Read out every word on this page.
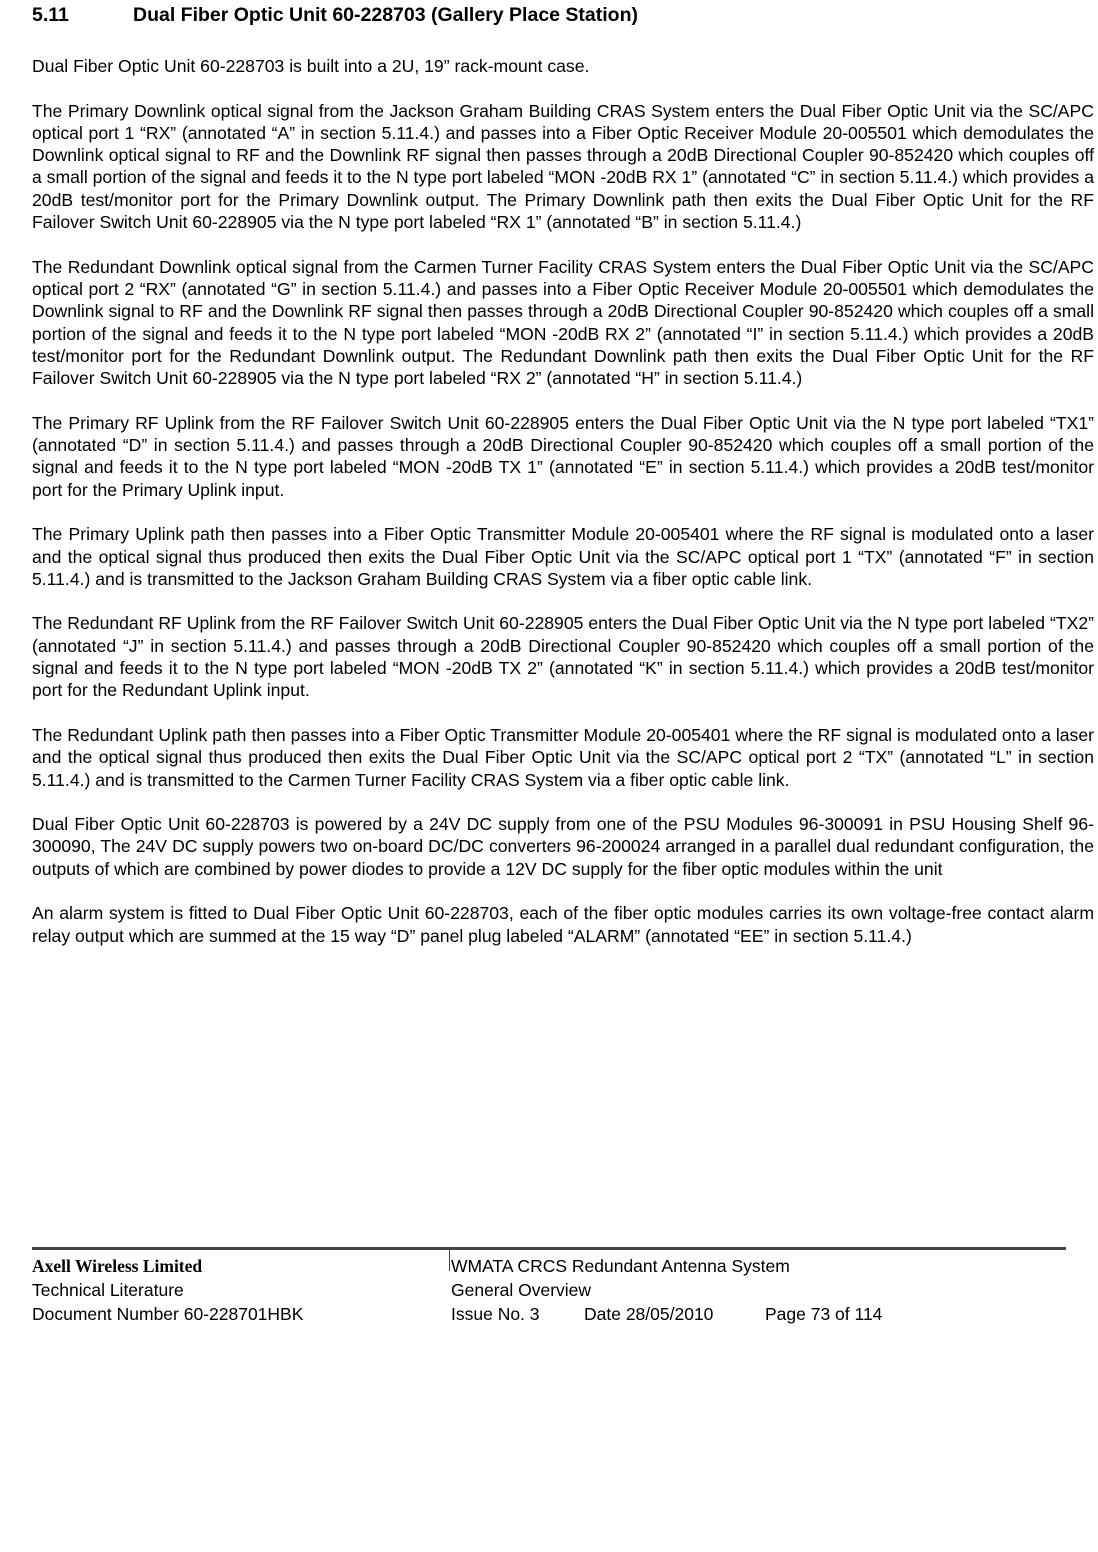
5.11	Dual Fiber Optic Unit 60-228703 (Gallery Place Station)

Dual Fiber Optic Unit 60-228703 is built into a 2U, 19” rack-mount case.

The Primary Downlink optical signal from the Jackson Graham Building CRAS System enters the Dual Fiber Optic Unit via the SC/APC optical port 1 “RX” (annotated “A” in section 5.11.4.) and passes into a Fiber Optic Receiver Module 20-005501 which demodulates the Downlink optical signal to RF and the Downlink RF signal then passes through a 20dB Directional Coupler 90-852420 which couples off a small portion of the signal and feeds it to the N type port labeled “MON -20dB RX 1” (annotated “C” in section 5.11.4.) which provides a 20dB test/monitor port for the Primary Downlink output. The Primary Downlink path then exits the Dual Fiber Optic Unit for the RF Failover Switch Unit 60-228905 via the N type port labeled “RX 1” (annotated “B” in section 5.11.4.)

The Redundant Downlink optical signal from the Carmen Turner Facility CRAS System enters the Dual Fiber Optic Unit via the SC/APC optical port 2 “RX” (annotated “G” in section 5.11.4.) and passes into a Fiber Optic Receiver Module 20-005501 which demodulates the Downlink signal to RF and the Downlink RF signal then passes through a 20dB Directional Coupler 90-852420 which couples off a small portion of the signal and feeds it to the N type port labeled “MON -20dB RX 2” (annotated “I” in section 5.11.4.) which provides a 20dB test/monitor port for the Redundant Downlink output. The Redundant Downlink path then exits the Dual Fiber Optic Unit for the RF Failover Switch Unit 60-228905 via the N type port labeled “RX 2” (annotated “H” in section 5.11.4.)

The Primary RF Uplink from the RF Failover Switch Unit 60-228905 enters the Dual Fiber Optic Unit via the N type port labeled “TX1” (annotated “D” in section 5.11.4.) and passes through a 20dB Directional Coupler 90-852420 which couples off a small portion of the signal and feeds it to the N type port labeled “MON -20dB TX 1” (annotated “E” in section 5.11.4.) which provides a 20dB test/monitor port for the Primary Uplink input.

The Primary Uplink path then passes into a Fiber Optic Transmitter Module 20-005401 where the RF signal is modulated onto a laser and the optical signal thus produced then exits the Dual Fiber Optic Unit via the SC/APC optical port 1 “TX” (annotated “F” in section 5.11.4.) and is transmitted to the Jackson Graham Building CRAS System via a fiber optic cable link.

The Redundant RF Uplink from the RF Failover Switch Unit 60-228905 enters the Dual Fiber Optic Unit via the N type port labeled “TX2” (annotated “J” in section 5.11.4.) and passes through a 20dB Directional Coupler 90-852420 which couples off a small portion of the signal and feeds it to the N type port labeled “MON -20dB TX 2” (annotated “K” in section 5.11.4.) which provides a 20dB test/monitor port for the Redundant Uplink input.

The Redundant Uplink path then passes into a Fiber Optic Transmitter Module 20-005401 where the RF signal is modulated onto a laser and the optical signal thus produced then exits the Dual Fiber Optic Unit via the SC/APC optical port 2 “TX” (annotated “L” in section 5.11.4.) and is transmitted to the Carmen Turner Facility CRAS System via a fiber optic cable link.

Dual Fiber Optic Unit 60-228703 is powered by a 24V DC supply from one of the PSU Modules 96-300091 in PSU Housing Shelf 96-300090, The 24V DC supply powers two on-board DC/DC converters 96-200024 arranged in a parallel dual redundant configuration, the outputs of which are combined by power diodes to provide a 12V DC supply for the fiber optic modules within the unit

An alarm system is fitted to Dual Fiber Optic Unit 60-228703, each of the fiber optic modules carries its own voltage-free contact alarm relay output which are summed at the 15 way “D” panel plug labeled “ALARM” (annotated “EE” in section 5.11.4.)

Axell Wireless Limited
Technical Literature
Document Number 60-228701HBK
WMATA CRCS Redundant Antenna System
General Overview
Issue No. 3	Date 28/05/2010	Page 73 of 114
